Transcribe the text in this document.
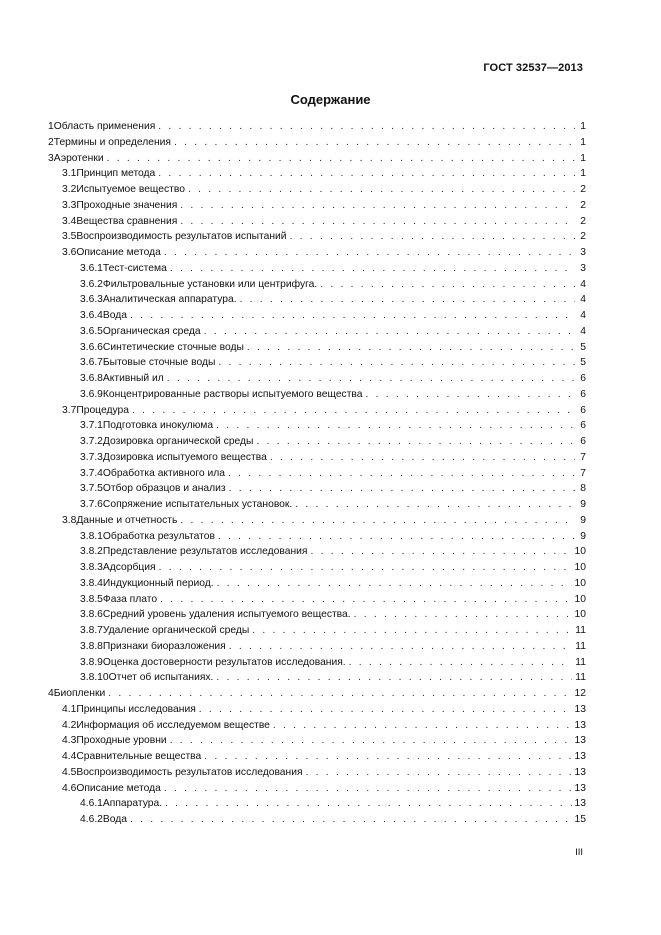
ГОСТ 32537—2013
Содержание
1 Область применения . . .	1
2 Термины и определения . . .	1
3 Аэротенки . . .	1
3.1 Принцип метода . . .	1
3.2 Испытуемое вещество . . .	2
3.3 Проходные значения . . .	2
3.4 Вещества сравнения . . .	2
3.5 Воспроизводимость результатов испытаний . . .	2
3.6 Описание метода . . .	3
3.6.1 Тест-система . . .	3
3.6.2 Фильтровальные установки или центрифуга. . . .	4
3.6.3 Аналитическая аппаратура. . . .	4
3.6.4 Вода . . .	4
3.6.5 Органическая среда . . .	4
3.6.6 Синтетические сточные воды . . .	5
3.6.7 Бытовые сточные воды . . .	5
3.6.8 Активный ил . . .	6
3.6.9 Концентрированные растворы испытуемого вещества . . .	6
3.7 Процедура . . .	6
3.7.1 Подготовка инокулюма . . .	6
3.7.2 Дозировка органической среды . . .	6
3.7.3 Дозировка испытуемого вещества . . .	7
3.7.4 Обработка активного ила . . .	7
3.7.5 Отбор образцов и анализ . . .	8
3.7.6 Сопряжение испытательных установок. . . .	9
3.8 Данные и отчетность . . .	9
3.8.1 Обработка результатов . . .	9
3.8.2 Представление результатов исследования . . .	10
3.8.3 Адсорбция . . .	10
3.8.4 Индукционный период. . . .	10
3.8.5 Фаза плато . . .	10
3.8.6 Средний уровень удаления испытуемого вещества. . . .	10
3.8.7 Удаление органической среды . . .	11
3.8.8 Признаки биоразложения . . .	11
3.8.9 Оценка достоверности результатов исследования. . . .	11
3.8.10 Отчет об испытаниях. . . .	11
4 Биопленки . . .	12
4.1 Принципы исследования . . .	13
4.2 Информация об исследуемом веществе . . .	13
4.3 Проходные уровни . . .	13
4.4 Сравнительные вещества . . .	13
4.5 Воспроизводимость результатов исследования . . .	13
4.6 Описание метода . . .	13
4.6.1 Аппаратура. . . .	13
4.6.2 Вода . . .	15
III
